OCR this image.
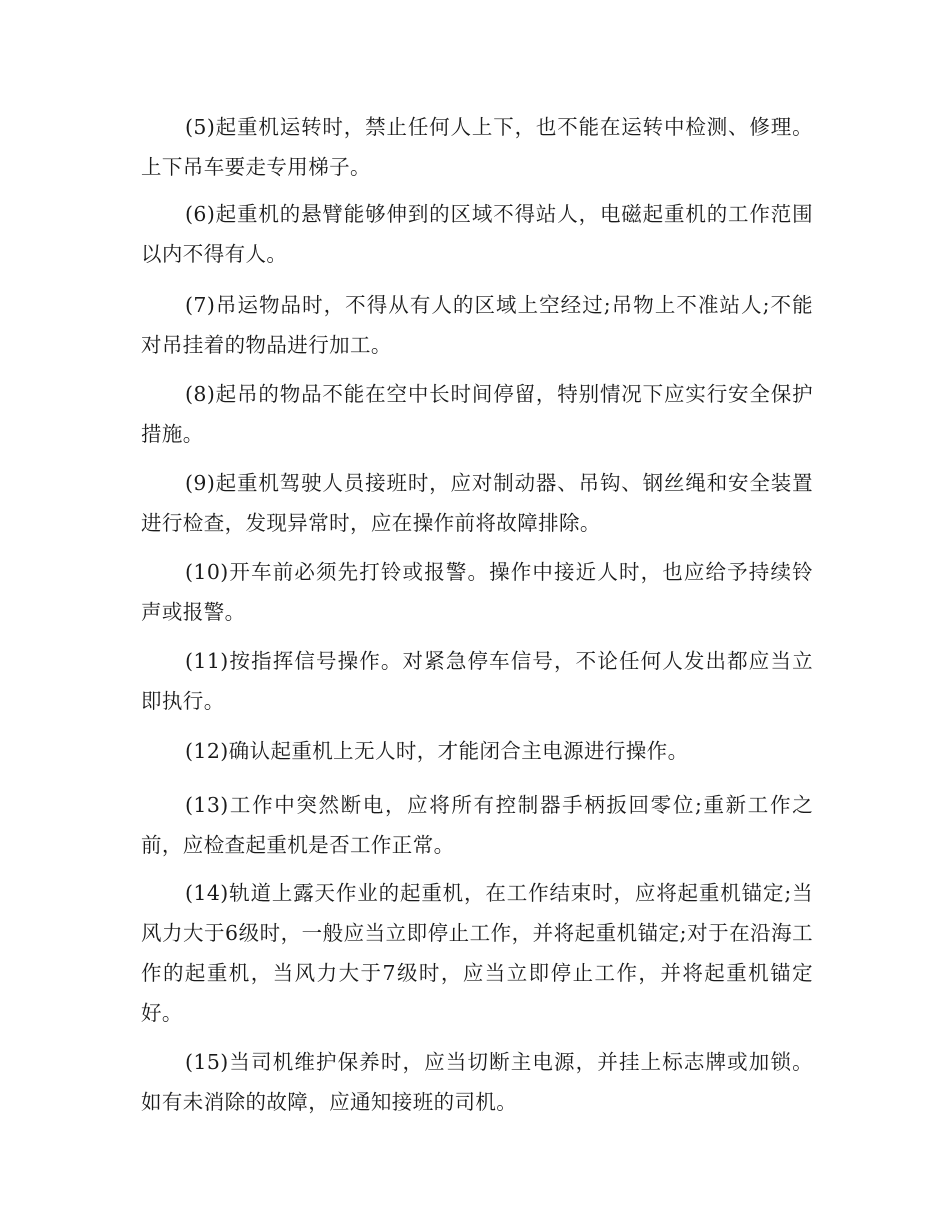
(5)起重机运转时，禁止任何人上下，也不能在运转中检测、修理。上下吊车要走专用梯子。

(6)起重机的悬臂能够伸到的区域不得站人，电磁起重机的工作范围以内不得有人。

(7)吊运物品时，不得从有人的区域上空经过;吊物上不准站人;不能对吊挂着的物品进行加工。

(8)起吊的物品不能在空中长时间停留，特别情况下应实行安全保护措施。

(9)起重机驾驶人员接班时，应对制动器、吊钩、钢丝绳和安全装置进行检查，发现异常时，应在操作前将故障排除。

(10)开车前必须先打铃或报警。操作中接近人时，也应给予持续铃声或报警。

(11)按指挥信号操作。对紧急停车信号，不论任何人发出都应当立即执行。

(12)确认起重机上无人时，才能闭合主电源进行操作。

(13)工作中突然断电，应将所有控制器手柄扳回零位;重新工作之前，应检查起重机是否工作正常。

(14)轨道上露天作业的起重机，在工作结束时，应将起重机锚定;当风力大于6级时，一般应当立即停止工作，并将起重机锚定;对于在沿海工作的起重机，当风力大于7级时，应当立即停止工作，并将起重机锚定好。

(15)当司机维护保养时，应当切断主电源，并挂上标志牌或加锁。如有未消除的故障，应通知接班的司机。
